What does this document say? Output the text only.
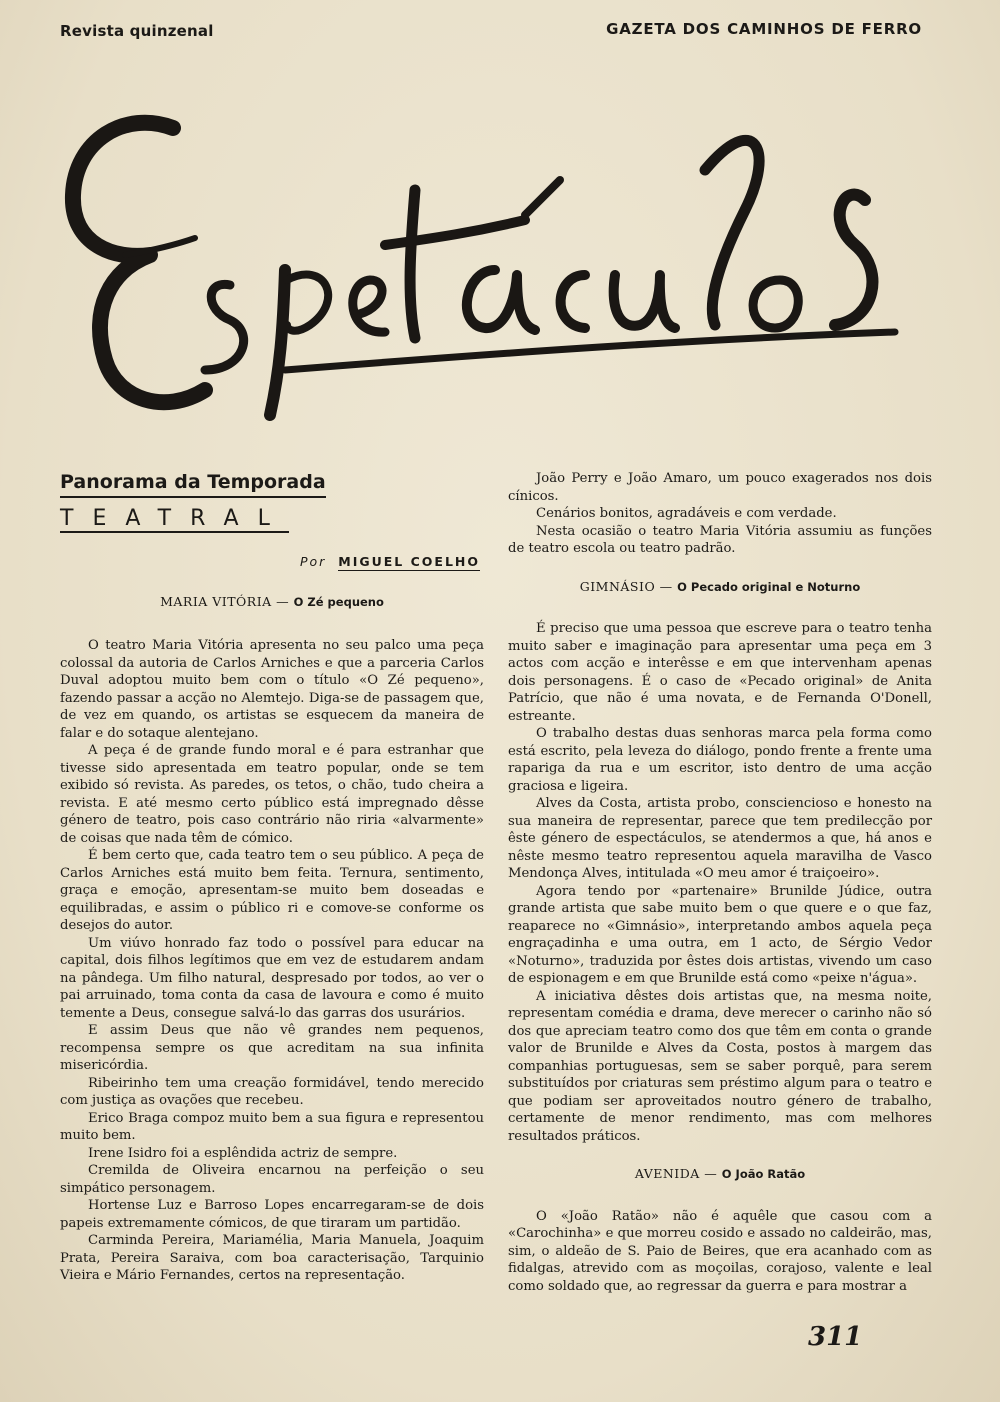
Revista quinzenal	GAZETA DOS CAMINHOS DE FERRO
Panorama da Temporada
TEATRAL
Por MIGUEL COELHO
MARIA VITÓRIA — O Zé pequeno

O teatro Maria Vitória apresenta no seu palco uma peça colossal da autoria de Carlos Arniches e que a parceria Carlos Duval adoptou muito bem com o título «O Zé pequeno», fazendo passar a acção no Alemtejo. Diga-se de passagem que, de vez em quando, os artistas se esquecem da maneira de falar e do sotaque alentejano.

A peça é de grande fundo moral e é para estranhar que tivesse sido apresentada em teatro popular, onde se tem exibido só revista. As paredes, os tetos, o chão, tudo cheira a revista. E até mesmo certo público está impregnado dêsse género de teatro, pois caso contrário não riria «alvarmente» de coisas que nada têm de cómico.

É bem certo que, cada teatro tem o seu público. A peça de Carlos Arniches está muito bem feita. Ternura, sentimento, graça e emoção, apresentam-se muito bem doseadas e equilibradas, e assim o público ri e comove-se conforme os desejos do autor.

Um viúvo honrado faz todo o possível para educar na capital, dois filhos legítimos que em vez de estudarem andam na pândega. Um filho natural, despresado por todos, ao ver o pai arruinado, toma conta da casa de lavoura e como é muito temente a Deus, consegue salvá-lo das garras dos usurários.

E assim Deus que não vê grandes nem pequenos, recompensa sempre os que acreditam na sua infinita misericórdia.

Ribeirinho tem uma creação formidável, tendo merecido com justiça as ovações que recebeu.

Erico Braga compoz muito bem a sua figura e representou muito bem.

Irene Isidro foi a esplêndida actriz de sempre.

Cremilda de Oliveira encarnou na perfeição o seu simpático personagem.

Hortense Luz e Barroso Lopes encarregaram-se de dois papeis extremamente cómicos, de que tiraram um partidão.

Carminda Pereira, Mariamélia, Maria Manuela, Joaquim Prata, Pereira Saraiva, com boa caracterisação, Tarquinio Vieira e Mário Fernandes, certos na representação.

João Perry e João Amaro, um pouco exagerados nos dois cínicos.

Cenários bonitos, agradáveis e com verdade.

Nesta ocasião o teatro Maria Vitória assumiu as funções de teatro escola ou teatro padrão.

GIMNÁSIO — O Pecado original e Noturno

É preciso que uma pessoa que escreve para o teatro tenha muito saber e imaginação para apresentar uma peça em 3 actos com acção e interêsse e em que intervenham apenas dois personagens. É o caso de «Pecado original» de Anita Patrício, que não é uma novata, e de Fernanda O'Donell, estreante.

O trabalho destas duas senhoras marca pela forma como está escrito, pela leveza do diálogo, pondo frente a frente uma rapariga da rua e um escritor, isto dentro de uma acção graciosa e ligeira.

Alves da Costa, artista probo, consciencioso e honesto na sua maneira de representar, parece que tem predilecção por êste género de espectáculos, se atendermos a que, há anos e nêste mesmo teatro representou aquela maravilha de Vasco Mendonça Alves, intitulada «O meu amor é traiçoeiro».

Agora tendo por «partenaire» Brunilde Júdice, outra grande artista que sabe muito bem o que quere e o que faz, reaparece no «Gimnásio», interpretando ambos aquela peça engraçadinha e uma outra, em 1 acto, de Sérgio Vedor «Noturno», traduzida por êstes dois artistas, vivendo um caso de espionagem e em que Brunilde está como «peixe n'água».

A iniciativa dêstes dois artistas que, na mesma noite, representam comédia e drama, deve merecer o carinho não só dos que apreciam teatro como dos que têm em conta o grande valor de Brunilde e Alves da Costa, postos à margem das companhias portuguesas, sem se saber porquê, para serem substituídos por criaturas sem préstimo algum para o teatro e que podiam ser aproveitados noutro género de trabalho, certamente de menor rendimento, mas com melhores resultados práticos.

AVENIDA — O João Ratão

O «João Ratão» não é aquêle que casou com a «Carochinha» e que morreu cosido e assado no caldeirão, mas, sim, o aldeão de S. Paio de Beires, que era acanhado com as fidalgas, atrevido com as moçoilas, corajoso, valente e leal como soldado que, ao regressar da guerra e para mostrar a

311
